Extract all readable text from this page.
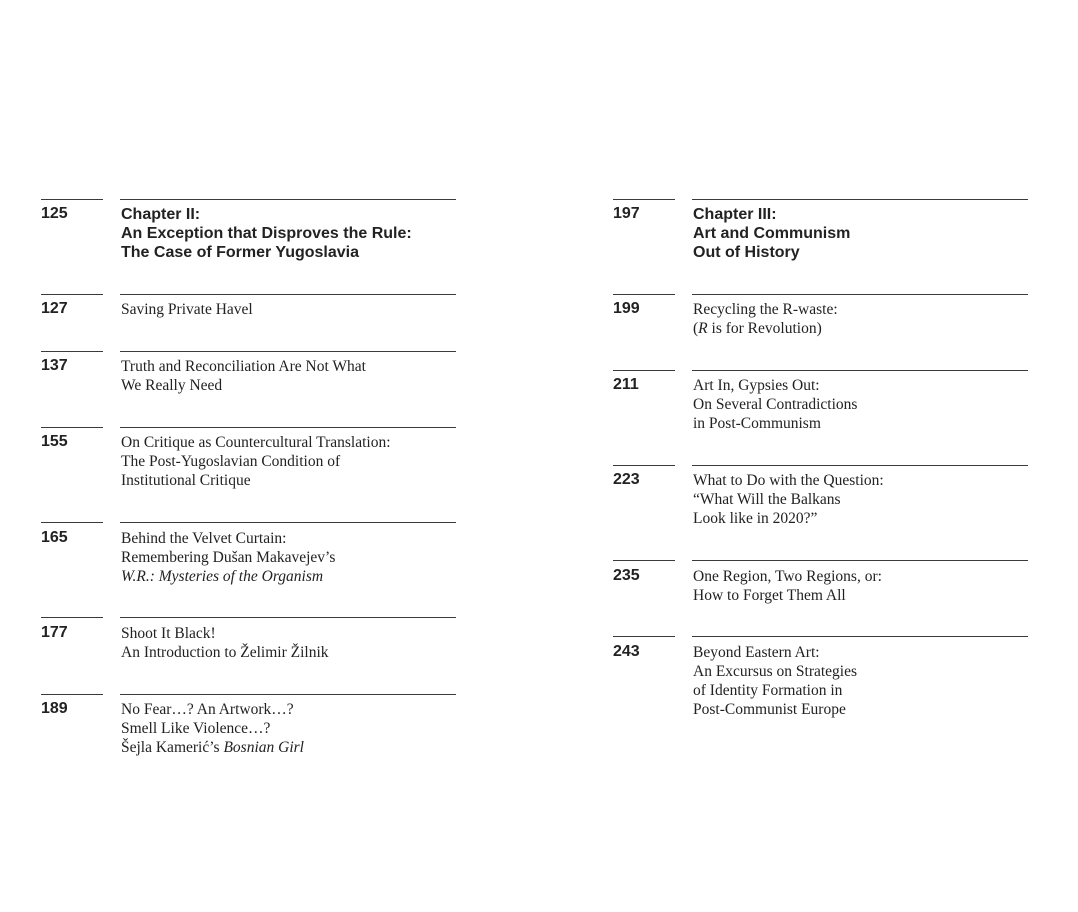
125	Chapter II:
An Exception that Disproves the Rule:
The Case of Former Yugoslavia
127	Saving Private Havel
137	Truth and Reconciliation Are Not What
We Really Need
155	On Critique as Countercultural Translation:
The Post-Yugoslavian Condition of
Institutional Critique
165	Behind the Velvet Curtain:
Remembering Dušan Makavejev’s
W.R.: Mysteries of the Organism
177	Shoot It Black!
An Introduction to Želimir Žilnik
189	No Fear…? An Artwork…?
Smell Like Violence…?
Šejla Kamerić’s Bosnian Girl
197	Chapter III:
Art and Communism
Out of History
199	Recycling the R-waste:
(R is for Revolution)
211	Art In, Gypsies Out:
On Several Contradictions
in Post-Communism
223	What to Do with the Question:
“What Will the Balkans
Look like in 2020?”
235	One Region, Two Regions, or:
How to Forget Them All
243	Beyond Eastern Art:
An Excursus on Strategies
of Identity Formation in
Post-Communist Europe
